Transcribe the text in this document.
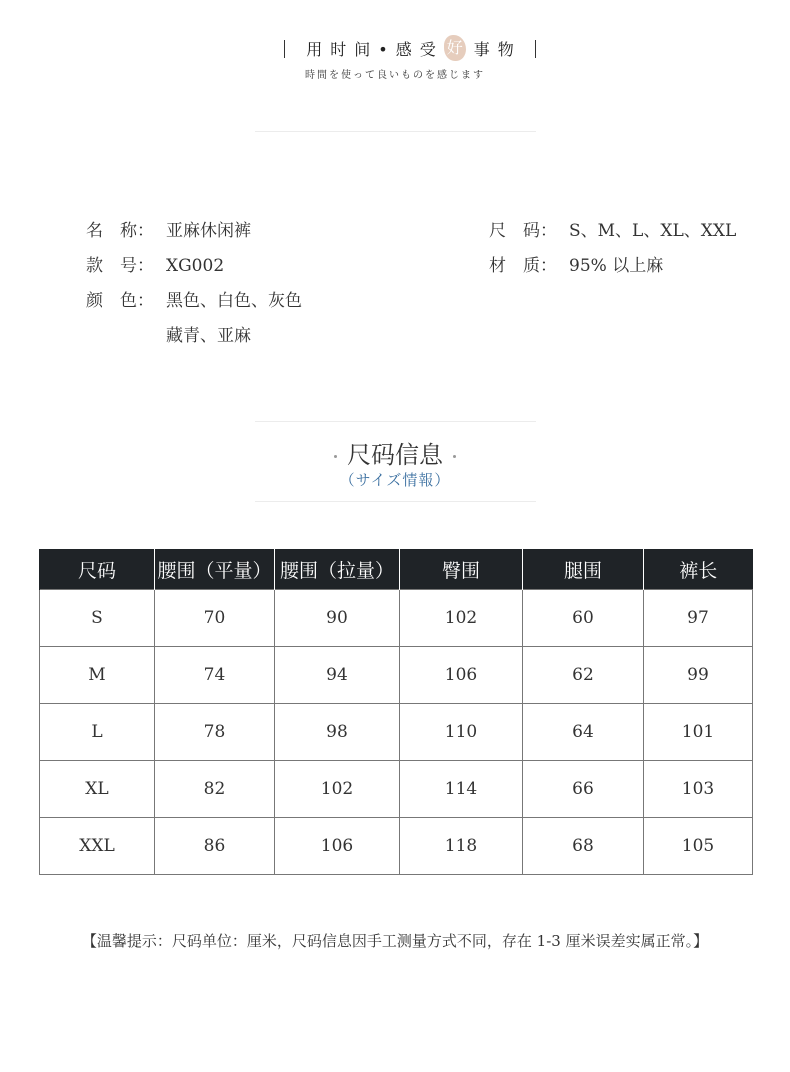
用时间•感受 好 事物
時間を使って良いものを感じます
名　称： 亚麻休闲裤	尺　码： S、M、L、XL、XXL
款　号： XG002	材　质： 95% 以上麻
颜　色： 黑色、白色、灰色
藏青、亚麻
尺码信息
（サイズ情報）
尺码	腰围（平量）	腰围（拉量）	臀围	腿围	裤长
S	70	90	102	60	97
M	74	94	106	62	99
L	78	98	110	64	101
XL	82	102	114	66	103
XXL	86	106	118	68	105
【温馨提示：尺码单位：厘米，尺码信息因手工测量方式不同，存在 1-3 厘米误差实属正常。】
